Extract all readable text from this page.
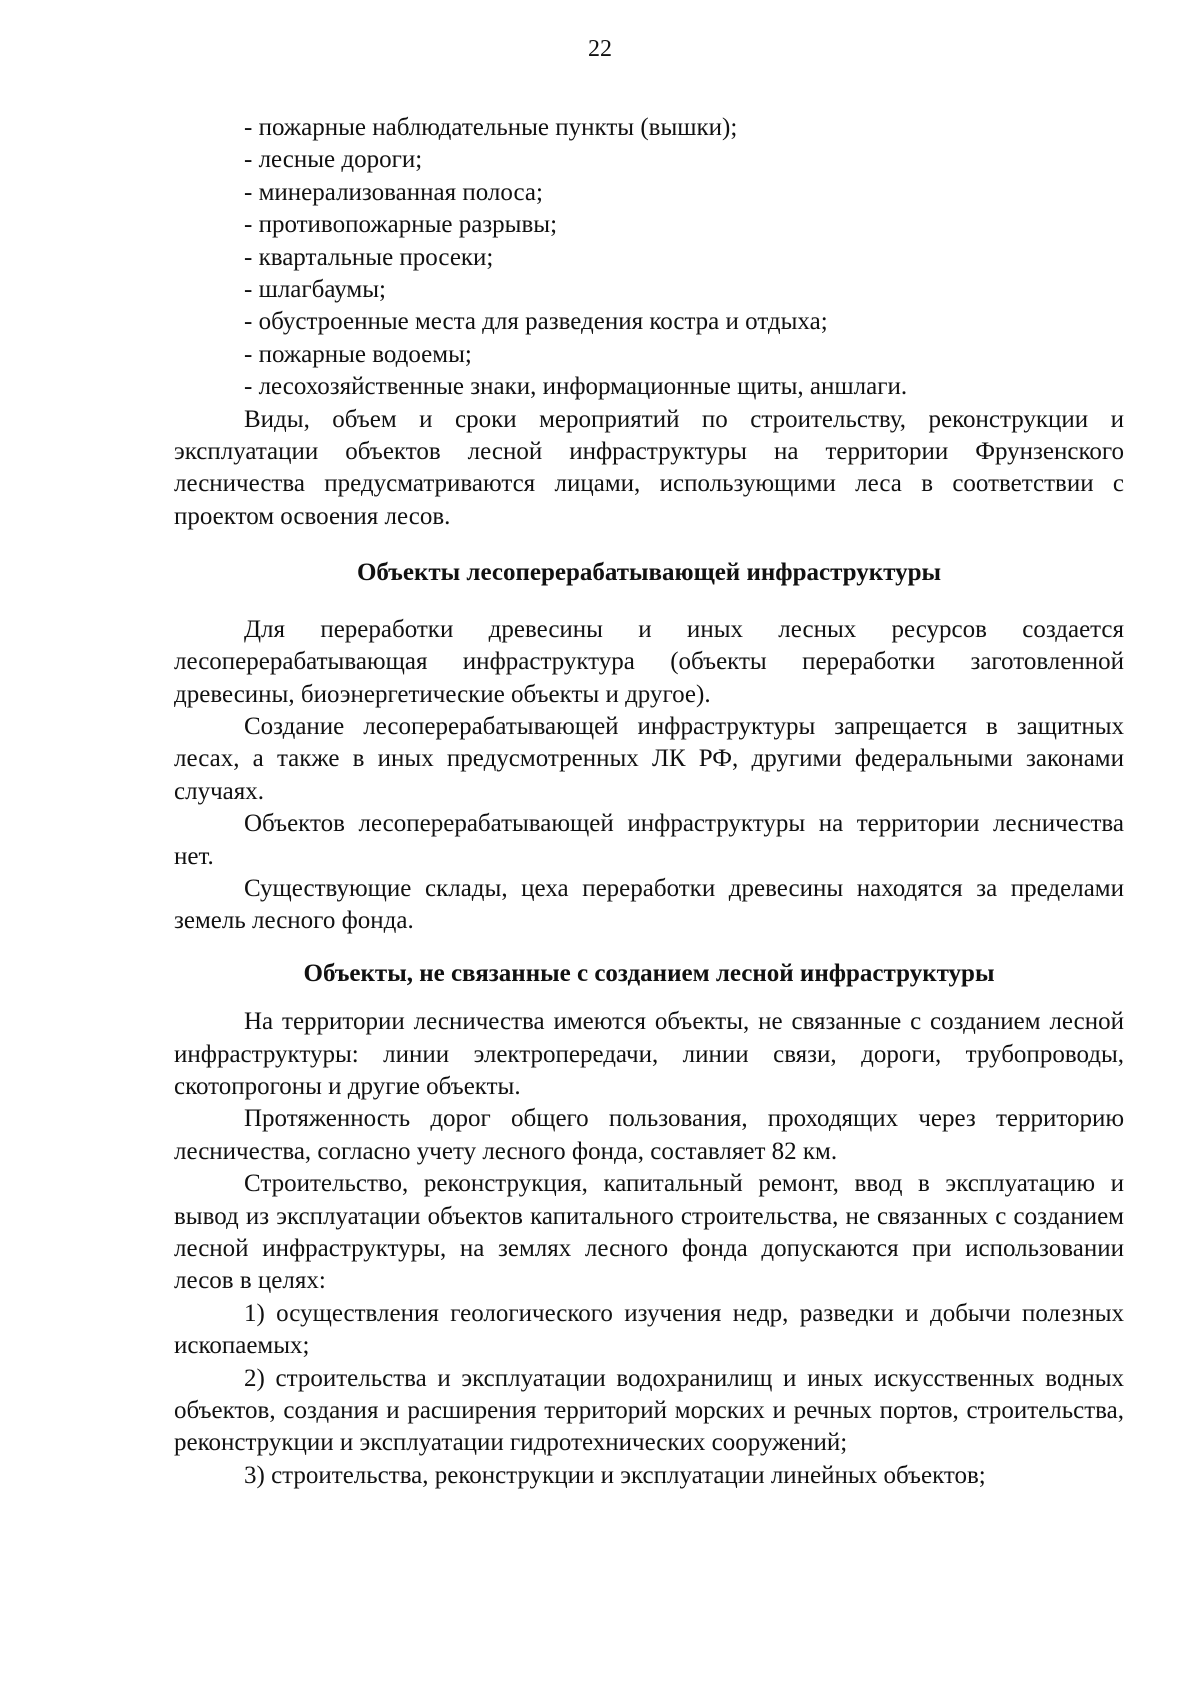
22
- пожарные наблюдательные пункты (вышки);
- лесные дороги;
- минерализованная полоса;
- противопожарные разрывы;
- квартальные просеки;
- шлагбаумы;
- обустроенные места для разведения костра и отдыха;
- пожарные водоемы;
- лесохозяйственные знаки, информационные щиты, аншлаги.

Виды, объем и сроки мероприятий по строительству, реконструкции и эксплуатации объектов лесной инфраструктуры на территории Фрунзенского лесничества предусматриваются лицами, использующими леса в соответствии с проектом освоения лесов.

Объекты лесоперерабатывающей инфраструктуры

Для переработки древесины и иных лесных ресурсов создается лесоперерабатывающая инфраструктура (объекты переработки заготовленной древесины, биоэнергетические объекты и другое).

Создание лесоперерабатывающей инфраструктуры запрещается в защитных лесах, а также в иных предусмотренных ЛК РФ, другими федеральными законами случаях.

Объектов лесоперерабатывающей инфраструктуры на территории лесничества нет.

Существующие склады, цеха переработки древесины находятся за пределами земель лесного фонда.

Объекты, не связанные с созданием лесной инфраструктуры

На территории лесничества имеются объекты, не связанные с созданием лесной инфраструктуры: линии электропередачи, линии связи, дороги, трубопроводы, скотопрогоны и другие объекты.

Протяженность дорог общего пользования, проходящих через территорию лесничества, согласно учету лесного фонда, составляет 82 км.

Строительство, реконструкция, капитальный ремонт, ввод в эксплуатацию и вывод из эксплуатации объектов капитального строительства, не связанных с созданием лесной инфраструктуры, на землях лесного фонда допускаются при использовании лесов в целях:

1) осуществления геологического изучения недр, разведки и добычи полезных ископаемых;

2) строительства и эксплуатации водохранилищ и иных искусственных водных объектов, создания и расширения территорий морских и речных портов, строительства, реконструкции и эксплуатации гидротехнических сооружений;

3) строительства, реконструкции и эксплуатации линейных объектов;
